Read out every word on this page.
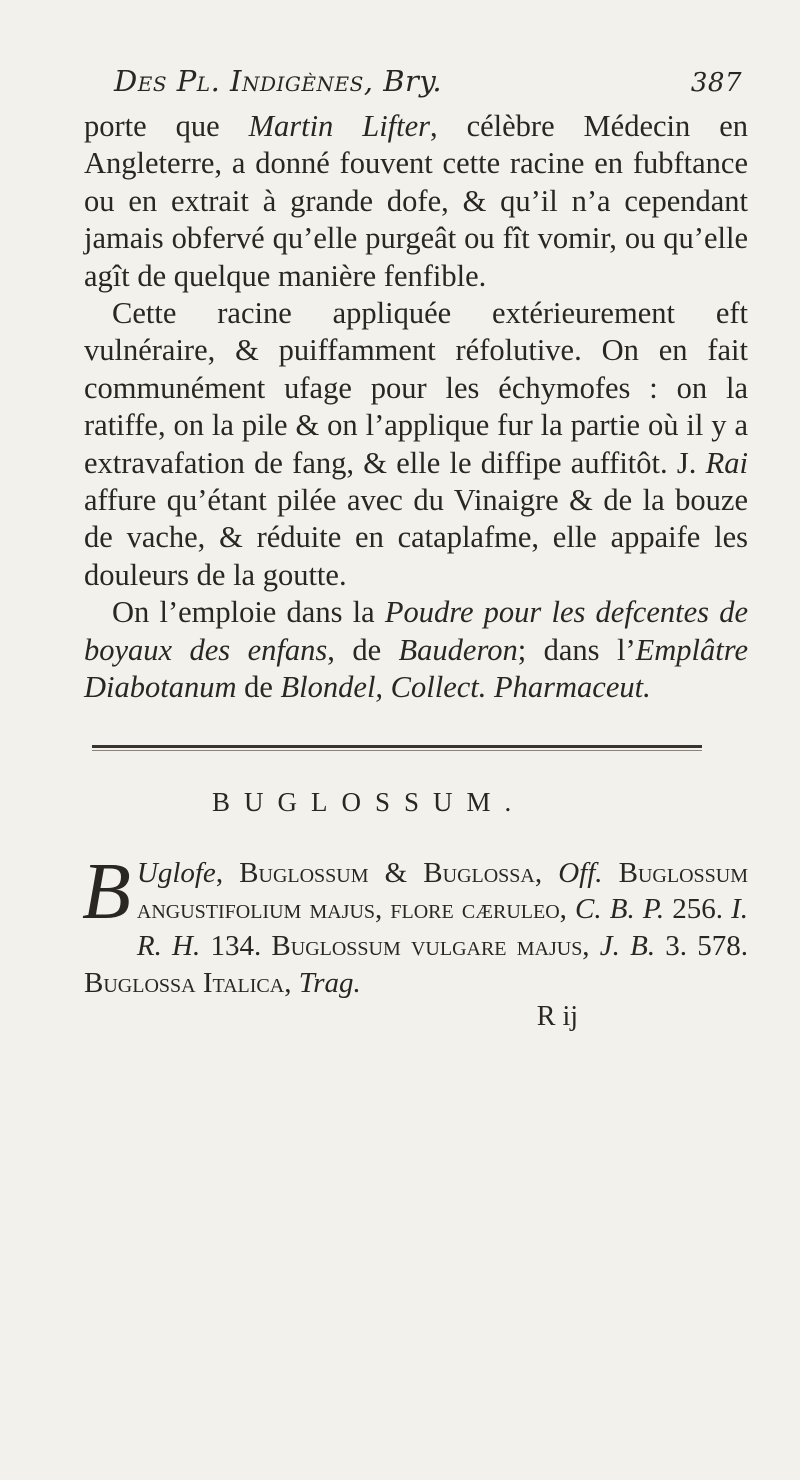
Des Pl. Indigènes, Bry.	387

porte que Martin Lifter, célèbre Médecin en Angleterre, a donné fouvent cette racine en fubftance ou en extrait à grande dofe, & qu’il n’a cependant jamais obfervé qu’elle purgeât ou fît vomir, ou qu’elle agît de quelque manière fenfible.

Cette racine appliquée extérieurement eft vulnéraire, & puiffamment réfolutive. On en fait communément ufage pour les échymofes : on la ratiffe, on la pile & on l’applique fur la partie où il y a extravafation de fang, & elle le diffipe auffitôt. J. Rai affure qu’étant pilée avec du Vinaigre & de la bouze de vache, & réduite en cataplafme, elle appaife les douleurs de la goutte.

On l’emploie dans la Poudre pour les defcentes de boyaux des enfans, de Bauderon; dans l’Emplâtre Diabotanum de Blondel, Collect. Pharmaceut.

BUGLOSSUM.
B Uglofe, Buglossum & Buglossa, Off. Buglossum angustifolium majus, flore cæruleo, C. B. P. 256. I. R. H. 134. Buglossum vulgare majus, J. B. 3. 578. Buglossa Italica, Trag.
R ij
